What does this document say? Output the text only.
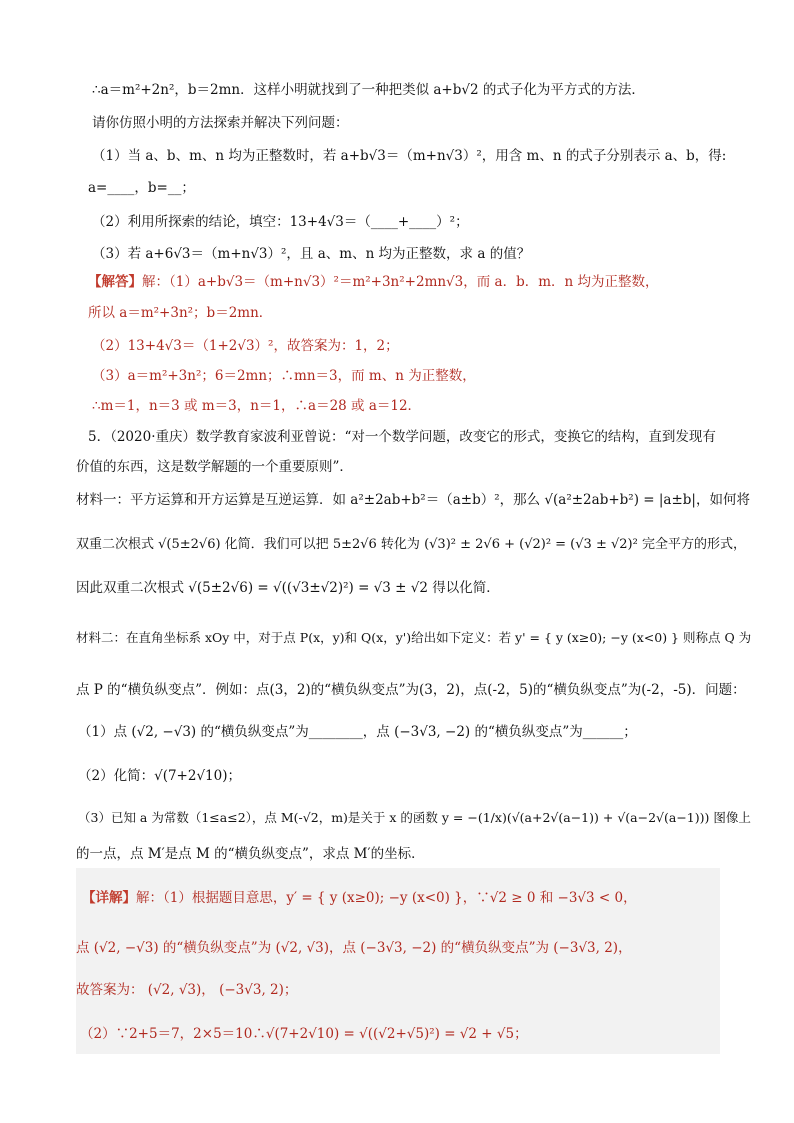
∴a＝m²+2n²，b＝2mn．这样小明就找到了一种把类似 a+b√2 的式子化为平方式的方法．
请你仿照小明的方法探索并解决下列问题：
（1）当 a、b、m、n 均为正整数时，若 a+b√3＝（m+n√3）²，用含 m、n 的式子分别表示 a、b，得:
a=____，b=__；
（2）利用所探索的结论，填空：13+4√3＝（____+____）²；
（3）若 a+6√3＝（m+n√3）²，且 a、m、n 均为正整数，求 a 的值？
【解答】解：（1）a+b√3＝（m+n√3）²＝m²+3n²+2mn√3，而 a．b．m．n 均为正整数，
所以 a＝m²+3n²；b＝2mn．
（2）13+4√3＝（1+2√3）²，故答案为：1，2；
（3）a＝m²+3n²；6＝2mn；∴mn＝3，而 m、n 为正整数，
∴m＝1，n＝3 或 m＝3，n＝1，∴a＝28 或 a＝12．
5．（2020·重庆）数学教育家波利亚曾说：“对一个数学问题，改变它的形式，变换它的结构，直到发现有
价值的东西，这是数学解题的一个重要原则”．
材料一：平方运算和开方运算是互逆运算．如 a²±2ab+b²＝（a±b）²，那么 √(a²±2ab+b²) = |a±b|，如何将
双重二次根式 √(5±2√6) 化简．我们可以把 5±2√6 转化为 (√3)² ± 2√6 + (√2)² = (√3 ± √2)² 完全平方的形式，
因此双重二次根式 √(5±2√6) = √((√3±√2)²) = √3 ± √2 得以化简．
材料二：在直角坐标系 xOy 中，对于点 P(x，y)和 Q(x，y')给出如下定义：若 y' = { y (x≥0); −y (x<0) } 则称点 Q 为
点 P 的“横负纵变点”．例如：点(3，2)的“横负纵变点”为(3，2)，点(-2，5)的“横负纵变点”为(-2，-5)．问题：
（1）点 (√2, −√3) 的“横负纵变点”为________，点 (−3√3, −2) 的“横负纵变点”为______；
（2）化简：√(7+2√10)；
（3）已知 a 为常数（1≤a≤2），点 M(-√2，m)是关于 x 的函数 y = −(1/x)(√(a+2√(a−1)) + √(a−2√(a−1))) 图像上
的一点，点 M′是点 M 的“横负纵变点”，求点 M′的坐标．
【详解】解：（1）根据题目意思，y′ = { y (x≥0); −y (x<0) }，∵√2 ≥ 0 和 −3√3 < 0，
点 (√2, −√3) 的“横负纵变点”为 (√2, √3)，点 (−3√3, −2) 的“横负纵变点”为 (−3√3, 2)，
故答案为： (√2, √3)， (−3√3, 2)；
（2）∵2+5＝7，2×5＝10∴√(7+2√10) = √((√2+√5)²) = √2 + √5；
